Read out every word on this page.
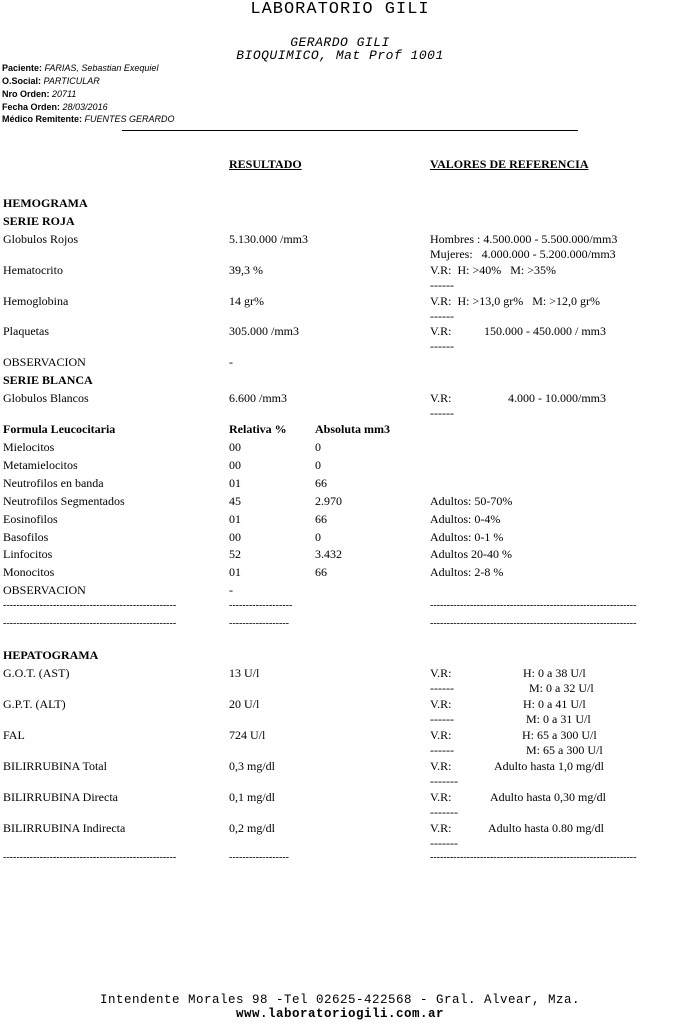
LABORATORIO GILI
GERARDO GILI
BIOQUIMICO, Mat Prof 1001
Paciente: FARIAS, Sebastian Exequiel
O.Social: PARTICULAR
Nro Orden: 20711
Fecha Orden: 28/03/2016
Médico Remitente: FUENTES GERARDO
RESULTADO	VALORES DE REFERENCIA
HEMOGRAMA
SERIE ROJA
Globulos Rojos	5.130.000 /mm3	Hombres : 4.500.000 - 5.500.000/mm3
Mujeres:   4.000.000 - 5.200.000/mm3
Hematocrito	39,3 %	V.R:  H: >40%   M: >35%
------
Hemoglobina	14 gr%	V.R:  H: >13,0 gr%   M: >12,0 gr%
------
Plaquetas	305.000 /mm3	V.R:	150.000 - 450.000 / mm3
------
OBSERVACION	-
SERIE BLANCA
Globulos Blancos	6.600 /mm3	V.R:	4.000 - 10.000/mm3
------
Formula Leucocitaria	Relativa % Absoluta mm3
Mielocitos	00	0
Metamielocitos	00	0
Neutrofilos en banda	01	66
Neutrofilos Segmentados	45	2.970	Adultos: 50-70%
Eosinofilos	01	66	Adultos: 0-4%
Basofilos	00	0	Adultos: 0-1 %
Linfocitos	52	3.432	Adultos 20-40 %
Monocitos	01	66	Adultos: 2-8 %
OBSERVACION	-
----------------------------------------------------	-------------------	--------------------------------------------------------------
----------------------------------------------------	------------------	--------------------------------------------------------------
HEPATOGRAMA
G.O.T. (AST)	13 U/l	V.R:	H: 0 a 38 U/l
------	M: 0 a 32 U/l
G.P.T. (ALT)	20 U/l	V.R:	H: 0 a 41 U/l
------	M: 0 a 31 U/l
FAL	724 U/l	V.R:	H: 65 a 300 U/l
------	M: 65 a 300 U/l
BILIRRUBINA Total	0,3 mg/dl	V.R:	Adulto hasta 1,0 mg/dl
-------
BILIRRUBINA Directa	0,1 mg/dl	V.R:	Adulto hasta 0,30 mg/dl
-------
BILIRRUBINA Indirecta	0,2 mg/dl	V.R:	Adulto hasta 0.80 mg/dl
-------
----------------------------------------------------	------------------	--------------------------------------------------------------
Intendente Morales 98 -Tel 02625-422568 - Gral. Alvear, Mza.
www.laboratoriogili.com.ar
